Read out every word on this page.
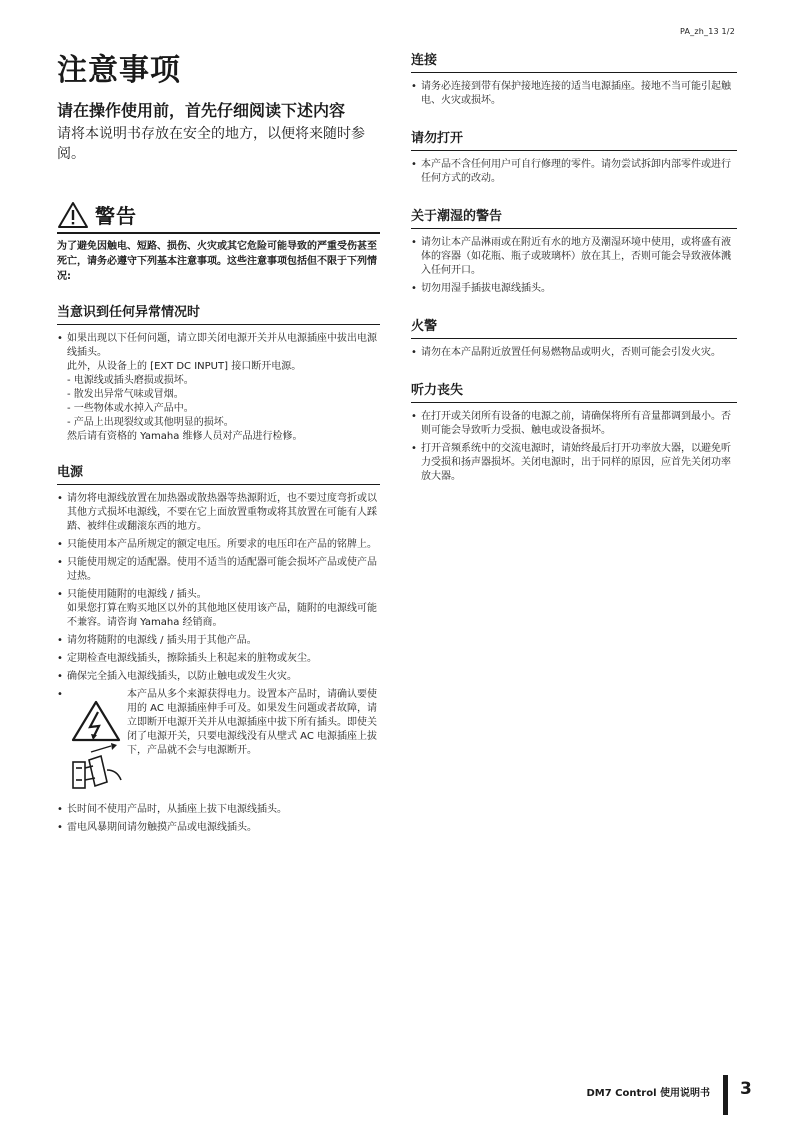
PA_zh_13 1/2
注意事项
请在操作使用前，首先仔细阅读下述内容

请将本说明书存放在安全的地方，以便将来随时参阅。

警告

为了避免因触电、短路、损伤、火灾或其它危险可能导致的严重受伤甚至死亡，请务必遵守下列基本注意事项。这些注意事项包括但不限于下列情况:

当意识到任何异常情况时
• 如果出现以下任何问题，请立即关闭电源开关并从电源插座中拔出电源线插头。
此外，从设备上的 [EXT DC INPUT] 接口断开电源。
- 电源线或插头磨损或损坏。
- 散发出异常气味或冒烟。
- 一些物体或水掉入产品中。
- 产品上出现裂纹或其他明显的损坏。
然后请有资格的 Yamaha 维修人员对产品进行检修。
电源
• 请勿将电源线放置在加热器或散热器等热源附近，也不要过度弯折或以其他方式损坏电源线，不要在它上面放置重物或将其放置在可能有人踩踏、被绊住或翻滚东西的地方。
• 只能使用本产品所规定的额定电压。所要求的电压印在产品的铭牌上。
• 只能使用规定的适配器。使用不适当的适配器可能会损坏产品或使产品过热。
• 只能使用随附的电源线 / 插头。
如果您打算在购买地区以外的其他地区使用该产品，随附的电源线可能不兼容。请咨询 Yamaha 经销商。
• 请勿将随附的电源线 / 插头用于其他产品。
• 定期检查电源线插头，擦除插头上积起来的脏物或灰尘。
• 确保完全插入电源线插头，以防止触电或发生火灾。
• 本产品从多个来源获得电力。设置本产品时，请确认要使用的 AC 电源插座伸手可及。如果发生问题或者故障，请立即断开电源开关并从电源插座中拔下所有插头。即使关闭了电源开关，只要电源线没有从壁式 AC 电源插座上拔下，产品就不会与电源断开。
• 长时间不使用产品时，从插座上拔下电源线插头。
• 雷电风暴期间请勿触摸产品或电源线插头。
连接
• 请务必连接到带有保护接地连接的适当电源插座。接地不当可能引起触电、火灾或损坏。
请勿打开
• 本产品不含任何用户可自行修理的零件。请勿尝试拆卸内部零件或进行任何方式的改动。
关于潮湿的警告
• 请勿让本产品淋雨或在附近有水的地方及潮湿环境中使用，或将盛有液体的容器（如花瓶、瓶子或玻璃杯）放在其上，否则可能会导致液体溅入任何开口。
• 切勿用湿手插拔电源线插头。
火警
• 请勿在本产品附近放置任何易燃物品或明火，否则可能会引发火灾。
听力丧失
• 在打开或关闭所有设备的电源之前，请确保将所有音量都调到最小。否则可能会导致听力受损、触电或设备损坏。
• 打开音频系统中的交流电源时，请始终最后打开功率放大器，以避免听力受损和扬声器损坏。关闭电源时，出于同样的原因，应首先关闭功率放大器。
DM7 Control 使用说明书 3
